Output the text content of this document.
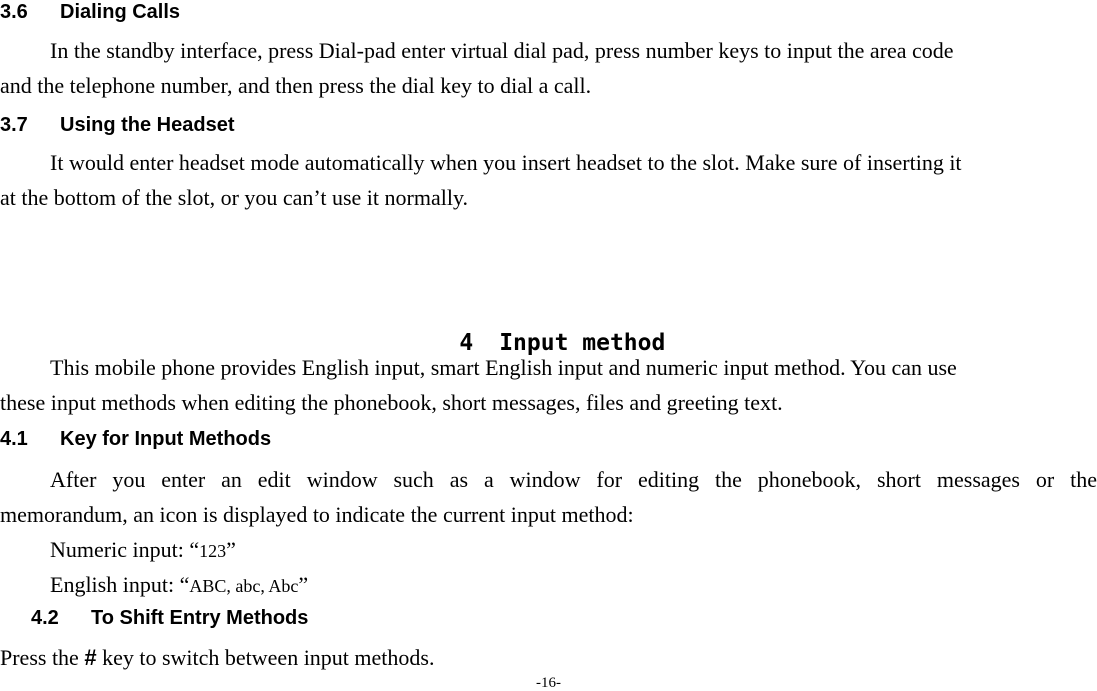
3.6 Dialing Calls
In the standby interface, press Dial-pad enter virtual dial pad, press number keys to input the area code
and the telephone number, and then press the dial key to dial a call.
3.7 Using the Headset
It would enter headset mode automatically when you insert headset to the slot. Make sure of inserting it
at the bottom of the slot, or you can’t use it normally.

4 Input method

This mobile phone provides English input, smart English input and numeric input method. You can use
these input methods when editing the phonebook, short messages, files and greeting text.
4.1 Key for Input Methods
After you enter an edit window such as a window for editing the phonebook, short messages or the
memorandum, an icon is displayed to indicate the current input method:
Numeric input: “123”
English input: “ABC, abc, Abc”
4.2 To Shift Entry Methods
Press the # key to switch between input methods.
-16-
